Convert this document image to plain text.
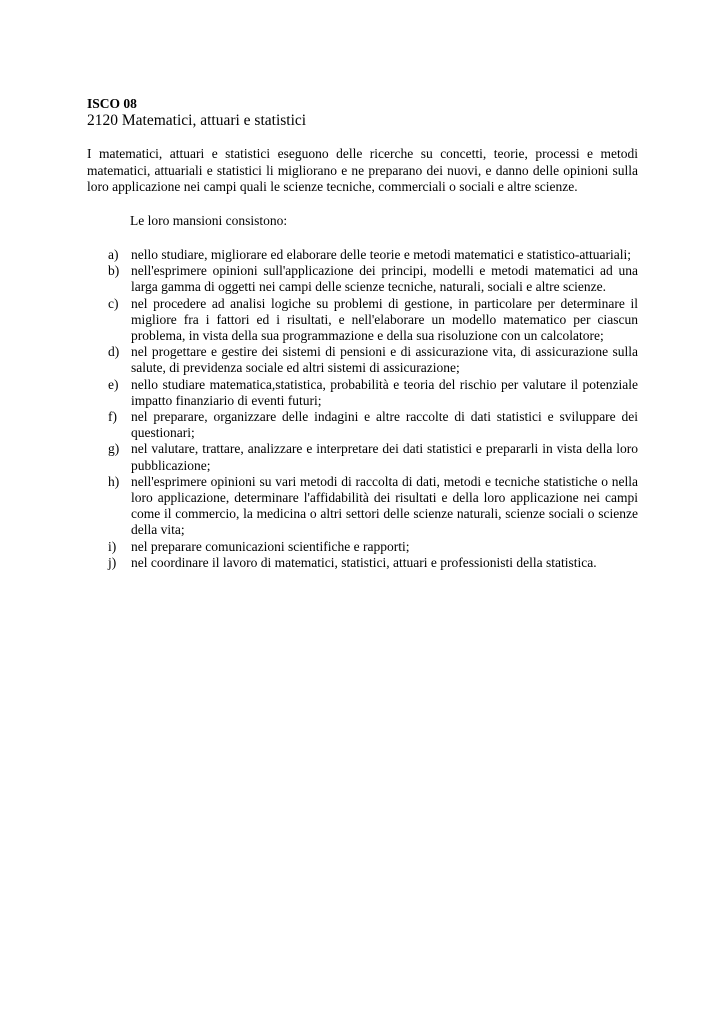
ISCO 08

2120 Matematici, attuari e statistici

I matematici, attuari e statistici eseguono delle ricerche su concetti, teorie, processi e metodi matematici, attuariali e statistici li migliorano e ne preparano dei nuovi, e danno delle opinioni sulla loro applicazione nei campi quali le scienze tecniche, commerciali o sociali e altre scienze.

Le loro mansioni consistono:

a) nello studiare, migliorare ed elaborare delle teorie e metodi matematici e statistico-attuariali;
b) nell'esprimere opinioni sull'applicazione dei principi, modelli e metodi matematici ad una larga gamma di oggetti nei campi delle scienze tecniche, naturali, sociali e altre scienze.
c) nel procedere ad analisi logiche su problemi di gestione, in particolare per determinare il migliore fra i fattori ed i risultati, e nell'elaborare un modello matematico per ciascun problema, in vista della sua programmazione e della sua risoluzione con un calcolatore;
d) nel progettare e gestire dei sistemi di pensioni e di assicurazione vita, di assicurazione sulla salute, di previdenza sociale ed altri sistemi di assicurazione;
e) nello studiare matematica,statistica, probabilità e teoria del rischio per valutare il potenziale impatto finanziario di eventi futuri;
f) nel preparare, organizzare delle indagini e altre raccolte di dati statistici e sviluppare dei questionari;
g) nel valutare, trattare, analizzare e interpretare dei dati statistici e prepararli in vista della loro pubblicazione;
h) nell'esprimere opinioni su vari metodi di raccolta di dati, metodi e tecniche statistiche o nella loro applicazione, determinare l'affidabilità dei risultati e della loro applicazione nei campi come il commercio, la medicina o altri settori delle scienze naturali, scienze sociali o scienze della vita;
i) nel preparare comunicazioni scientifiche e rapporti;
j) nel coordinare il lavoro di matematici, statistici, attuari e professionisti della statistica.
